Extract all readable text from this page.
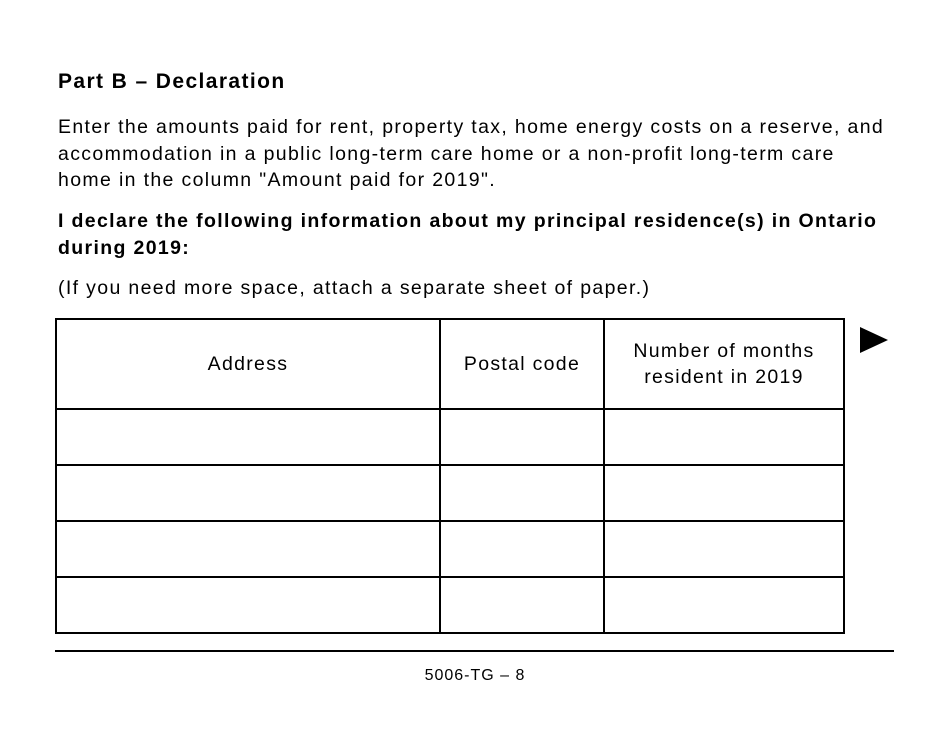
Part B – Declaration

Enter the amounts paid for rent, property tax, home energy costs on a reserve, and accommodation in a public long-term care home or a non-profit long-term care home in the column "Amount paid for 2019".

I declare the following information about my principal residence(s) in Ontario during 2019:

(If you need more space, attach a separate sheet of paper.)

Address	Postal code	Number of months resident in 2019

5006-TG – 8
